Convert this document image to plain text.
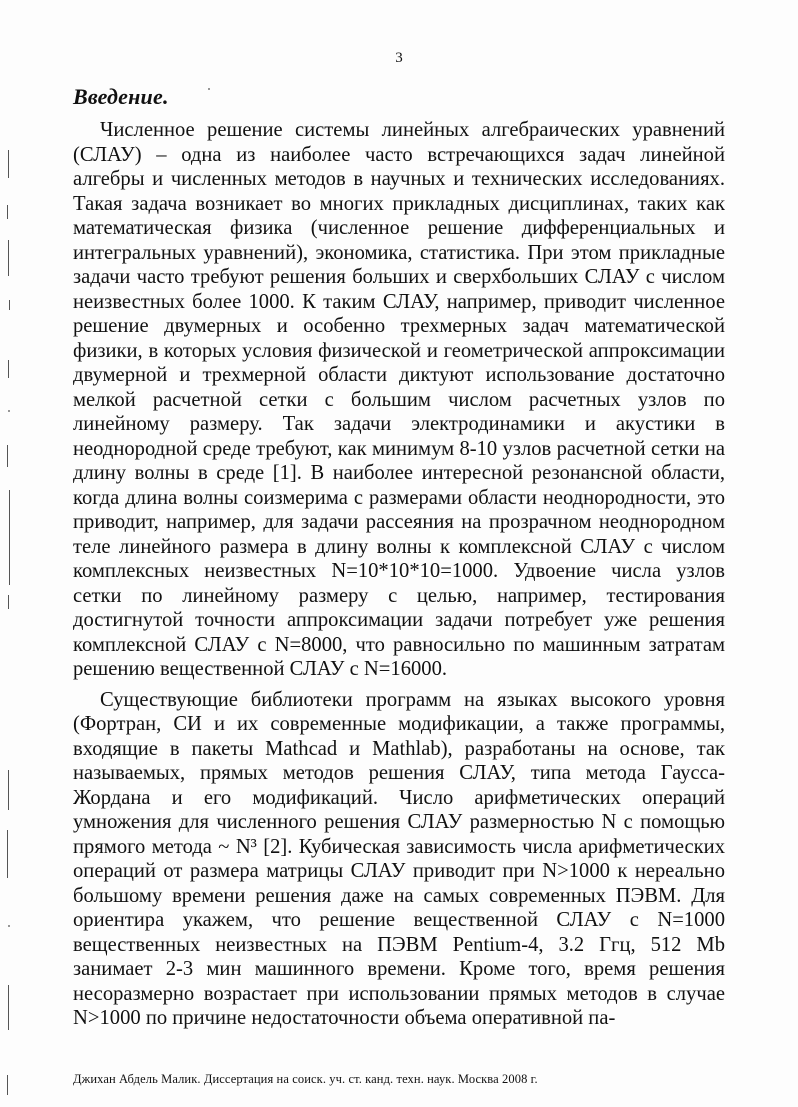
3
Введение.

Численное решение системы линейных алгебраических уравнений (СЛАУ) – одна из наиболее часто встречающихся задач линейной алгебры и численных методов в научных и технических исследованиях. Такая задача возникает во многих прикладных дисциплинах, таких как математическая физика (численное решение дифференциальных и интегральных уравнений), экономика, статистика. При этом прикладные задачи часто требуют решения больших и сверхбольших СЛАУ с числом неизвестных более 1000. К таким СЛАУ, например, приводит численное решение двумерных и особенно трехмерных задач математической физики, в которых условия физической и геометрической аппроксимации двумерной и трехмерной области диктуют использование достаточно мелкой расчетной сетки с большим числом расчетных узлов по линейному размеру. Так задачи электродинамики и акустики в неоднородной среде требуют, как минимум 8-10 узлов расчетной сетки на длину волны в среде [1]. В наиболее интересной резонансной области, когда длина волны соизмерима с размерами области неоднородности, это приводит, например, для задачи рассеяния на прозрачном неоднородном теле линейного размера в длину волны к комплексной СЛАУ с числом комплексных неизвестных N=10*10*10=1000. Удвоение числа узлов сетки по линейному размеру с целью, например, тестирования достигнутой точности аппроксимации задачи потребует уже решения комплексной СЛАУ с N=8000, что равносильно по машинным затратам решению вещественной СЛАУ с N=16000.

Существующие библиотеки программ на языках высокого уровня (Фортран, СИ и их современные модификации, а также программы, входящие в пакеты Mathcad и Mathlab), разработаны на основе, так называемых, прямых методов решения СЛАУ, типа метода Гаусса-Жордана и его модификаций. Число арифметических операций умножения для численного решения СЛАУ размерностью N с помощью прямого метода ~ N³ [2]. Кубическая зависимость числа арифметических операций от размера матрицы СЛАУ приводит при N>1000 к нереально большому времени решения даже на самых современных ПЭВМ. Для ориентира укажем, что решение вещественной СЛАУ с N=1000 вещественных неизвестных на ПЭВМ Pentium-4, 3.2 Ггц, 512 Mb занимает 2-3 мин машинного времени. Кроме того, время решения несоразмерно возрастает при использовании прямых методов в случае N>1000 по причине недостаточности объема оперативной па-

Джихан Абдель Малик. Диссертация на соиск. уч. ст. канд. техн. наук. Москва 2008 г.
